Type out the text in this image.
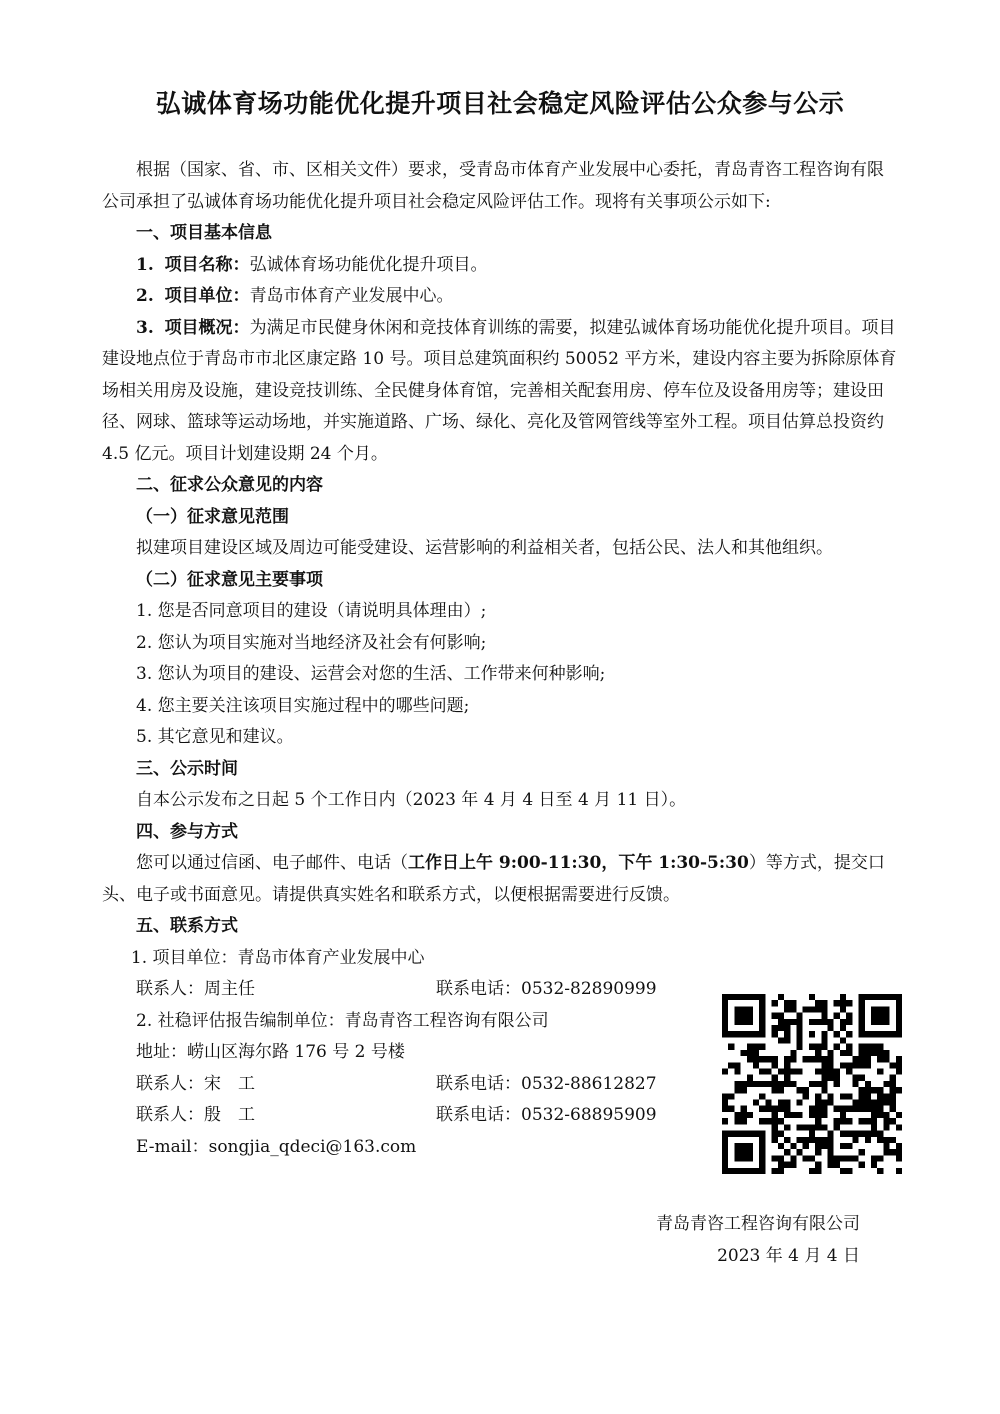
弘诚体育场功能优化提升项目社会稳定风险评估公众参与公示

根据（国家、省、市、区相关文件）要求，受青岛市体育产业发展中心委托，青岛青咨工程咨询有限公司承担了弘诚体育场功能优化提升项目社会稳定风险评估工作。现将有关事项公示如下:

一、项目基本信息

1. 项目名称：弘诚体育场功能优化提升项目。

2. 项目单位：青岛市体育产业发展中心。

3. 项目概况：为满足市民健身休闲和竞技体育训练的需要，拟建弘诚体育场功能优化提升项目。项目建设地点位于青岛市市北区康定路 10 号。项目总建筑面积约 50052 平方米，建设内容主要为拆除原体育场相关用房及设施，建设竞技训练、全民健身体育馆，完善相关配套用房、停车位及设备用房等；建设田径、网球、篮球等运动场地，并实施道路、广场、绿化、亮化及管网管线等室外工程。项目估算总投资约 4.5 亿元。项目计划建设期 24 个月。

二、征求公众意见的内容

（一）征求意见范围

拟建项目建设区域及周边可能受建设、运营影响的利益相关者，包括公民、法人和其他组织。

（二）征求意见主要事项

1. 您是否同意项目的建设（请说明具体理由）;

2. 您认为项目实施对当地经济及社会有何影响;

3. 您认为项目的建设、运营会对您的生活、工作带来何种影响;

4. 您主要关注该项目实施过程中的哪些问题;

5. 其它意见和建议。

三、公示时间

自本公示发布之日起 5 个工作日内（2023 年 4 月 4 日至 4 月 11 日）。

四、参与方式

您可以通过信函、电子邮件、电话（工作日上午 9:00-11:30，下午 1:30-5:30）等方式，提交口头、电子或书面意见。请提供真实姓名和联系方式，以便根据需要进行反馈。

五、联系方式

1. 项目单位：青岛市体育产业发展中心

联系人：周主任	联系电话：0532-82890999

2. 社稳评估报告编制单位：青岛青咨工程咨询有限公司

地址：崂山区海尔路 176 号 2 号楼

联系人：宋　工	联系电话：0532-88612827
联系人：殷　工	联系电话：0532-68895909

E-mail：songjia_qdeci@163.com

青岛青咨工程咨询有限公司
2023 年 4 月 4 日
